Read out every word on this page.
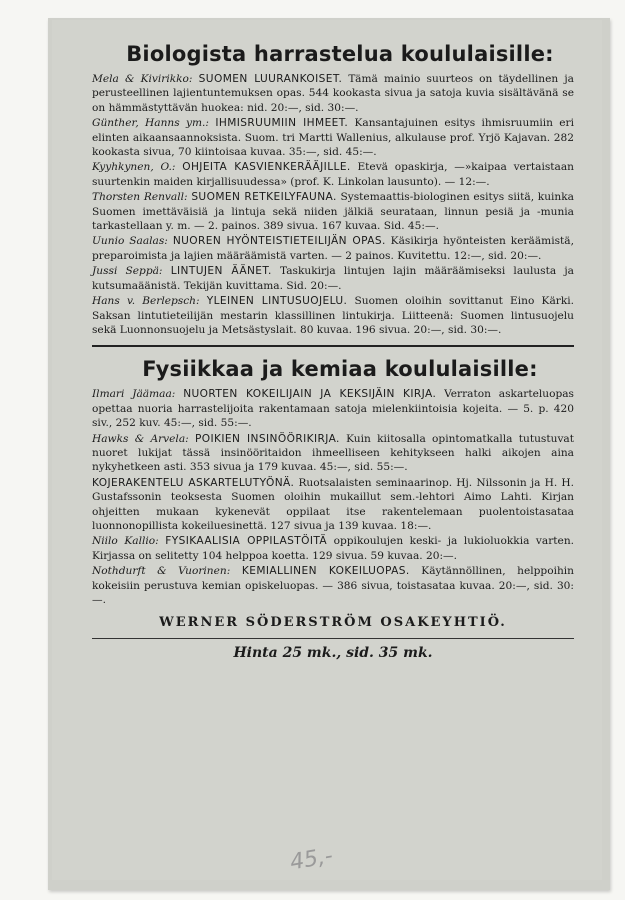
Biologista harrastelua koululaisille:

Mela & Kivirikko: SUOMEN LUURANKOISET. Tämä mainio suurteos on täydellinen ja perusteellinen lajientuntemuksen opas. 544 kookasta sivua ja satoja kuvia sisältävänä se on hämmästyttävän huokea: nid. 20:—, sid. 30:—.

Günther, Hanns ym.: IHMISRUUMIIN IHMEET. Kansantajuinen esitys ihmisruumiin eri elinten aikaansaannoksista. Suom. tri Martti Wallenius, alkulause prof. Yrjö Kajavan. 282 kookasta sivua, 70 kiintoisaa kuvaa. 35:—, sid. 45:—.

Kyyhkynen, O.: OHJEITA KASVIENKERÄÄJILLE. Etevä opaskirja, —»kaipaa vertaistaan suurtenkin maiden kirjallisuudessa» (prof. K. Linkolan lausunto). — 12:—.

Thorsten Renvall: SUOMEN RETKEILYFAUNA. Systemaattis-biologinen esitys siitä, kuinka Suomen imettäväisiä ja lintuja sekä niiden jälkiä seurataan, linnun pesiä ja -munia tarkastellaan y. m. — 2. painos. 389 sivua. 167 kuvaa. Sid. 45:—.

Uunio Saalas: NUOREN HYÖNTEISTIETEILIJÄN OPAS. Käsikirja hyönteisten keräämistä, preparoimista ja lajien määräämistä varten. — 2 painos. Kuvitettu. 12:—, sid. 20:—.

Jussi Seppä: LINTUJEN ÄÄNET. Taskukirja lintujen lajin määräämiseksi laulusta ja kutsumaäänistä. Tekijän kuvittama. Sid. 20:—.

Hans v. Berlepsch: YLEINEN LINTUSUOJELU. Suomen oloihin sovittanut Eino Kärki. Saksan lintutieteilijän mestarin klassillinen lintukirja. Liitteenä: Suomen lintusuojelu sekä Luonnonsuojelu ja Metsästyslait. 80 kuvaa. 196 sivua. 20:—, sid. 30:—.

Fysiikkaa ja kemiaa koululaisille:

Ilmari Jäämaa: NUORTEN KOKEILIJAIN JA KEKSIJÄIN KIRJA. Verraton askarteluopas opettaa nuoria harrastelijoita rakentamaan satoja mielenkiintoisia kojeita. — 5. p. 420 siv., 252 kuv. 45:—, sid. 55:—.

Hawks & Arvela: POIKIEN INSINÖÖRIKIRJA. Kuin kiitosalla opintomatkalla tutustuvat nuoret lukijat tässä insinööritaidon ihmeelliseen kehitykseen halki aikojen aina nykyhetkeen asti. 353 sivua ja 179 kuvaa. 45:—, sid. 55:—.

KOJERAKENTELU ASKARTELUTYÖNÄ. Ruotsalaisten seminaarinop. Hj. Nilssonin ja H. H. Gustafssonin teoksesta Suomen oloihin mukaillut sem.-lehtori Aimo Lahti. Kirjan ohjeitten mukaan kykenevät oppilaat itse rakentelemaan puolentoistasataa luonnonopillista kokeiluesinettä. 127 sivua ja 139 kuvaa. 18:—.

Niilo Kallio: FYSIKAALISIA OPPILASTÖITÄ oppikoulujen keski- ja lukioluokkia varten. Kirjassa on selitetty 104 helppoa koetta. 129 sivua. 59 kuvaa. 20:—.

Nothdurft & Vuorinen: KEMIALLINEN KOKEILUOPAS. Käytännöllinen, helppoihin kokeisiin perustuva kemian opiskeluopas. — 386 sivua, toistasataa kuvaa. 20:—, sid. 30:—.

WERNER SÖDERSTRÖM OSAKEYHTIÖ.
Hinta 25 mk., sid. 35 mk.
45,-
